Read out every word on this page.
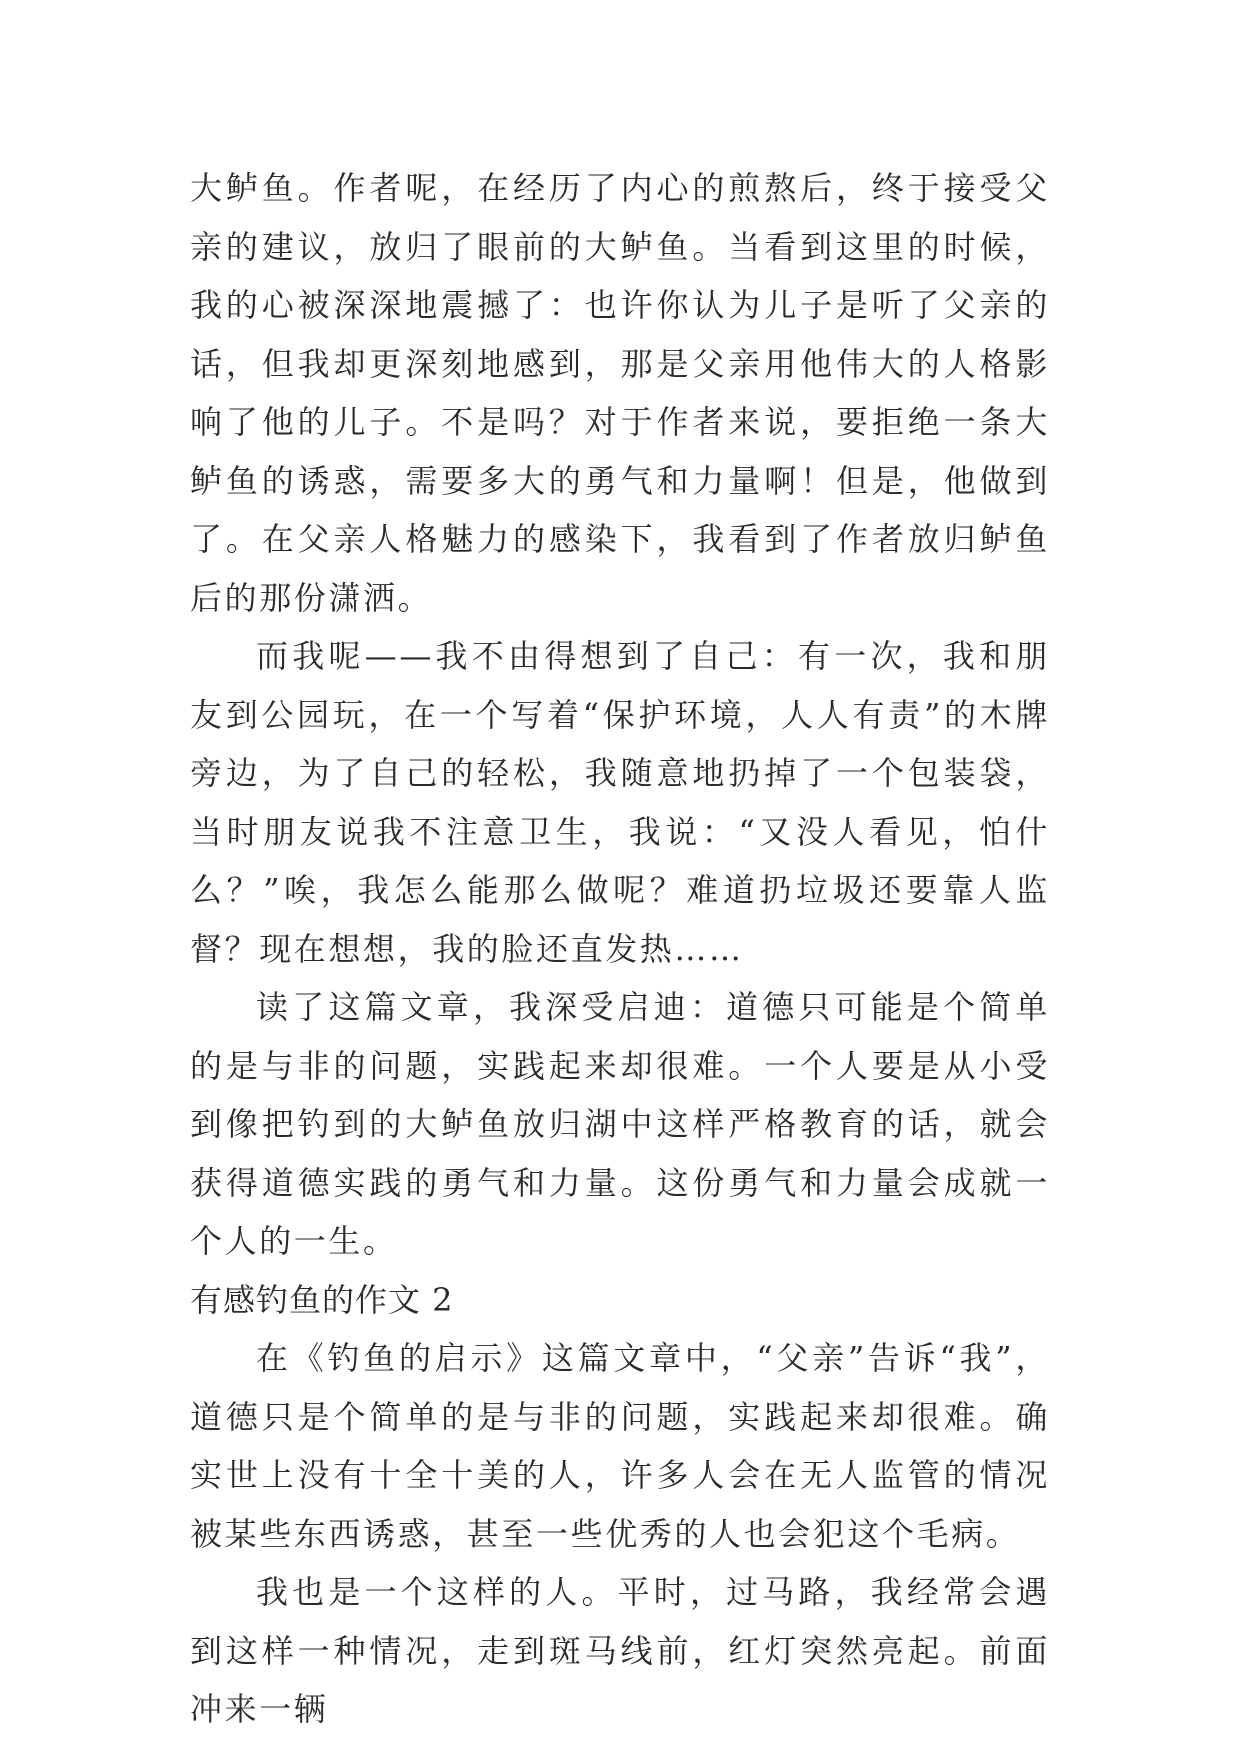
大鲈鱼。作者呢，在经历了内心的煎熬后，终于接受父亲的建议，放归了眼前的大鲈鱼。当看到这里的时候，我的心被深深地震撼了：也许你认为儿子是听了父亲的话，但我却更深刻地感到，那是父亲用他伟大的人格影响了他的儿子。不是吗？对于作者来说，要拒绝一条大鲈鱼的诱惑，需要多大的勇气和力量啊！但是，他做到了。在父亲人格魅力的感染下，我看到了作者放归鲈鱼后的那份潇洒。

而我呢——我不由得想到了自己：有一次，我和朋友到公园玩，在一个写着“保护环境，人人有责”的木牌旁边，为了自己的轻松，我随意地扔掉了一个包装袋，当时朋友说我不注意卫生，我说：“又没人看见，怕什么？”唉，我怎么能那么做呢？难道扔垃圾还要靠人监督？现在想想，我的脸还直发热……

读了这篇文章，我深受启迪：道德只可能是个简单的是与非的问题，实践起来却很难。一个人要是从小受到像把钓到的大鲈鱼放归湖中这样严格教育的话，就会获得道德实践的勇气和力量。这份勇气和力量会成就一个人的一生。

有感钓鱼的作文 2

在《钓鱼的启示》这篇文章中，“父亲”告诉“我”，道德只是个简单的是与非的问题，实践起来却很难。确实世上没有十全十美的人，许多人会在无人监管的情况被某些东西诱惑，甚至一些优秀的人也会犯这个毛病。

我也是一个这样的人。平时，过马路，我经常会遇到这样一种情况，走到斑马线前，红灯突然亮起。前面冲来一辆
